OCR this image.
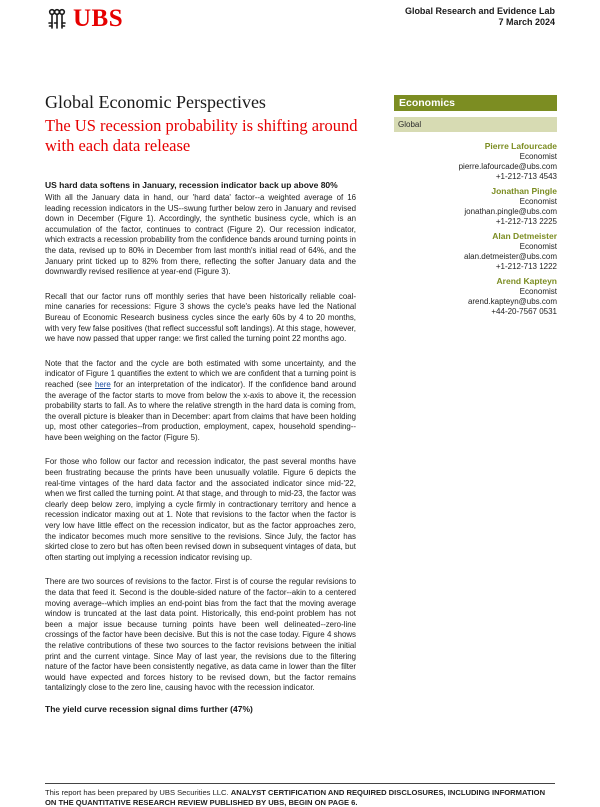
UBS	Global Research and Evidence Lab
7 March 2024
Global Economic Perspectives
The US recession probability is shifting around with each data release
Economics
Global
Pierre Lafourcade
Economist
pierre.lafourcade@ubs.com
+1-212-713 4543
Jonathan Pingle
Economist
jonathan.pingle@ubs.com
+1-212-713 2225
Alan Detmeister
Economist
alan.detmeister@ubs.com
+1-212-713 1222
Arend Kapteyn
Economist
arend.kapteyn@ubs.com
+44-20-7567 0531
US hard data softens in January, recession indicator back up above 80%

With all the January data in hand, our 'hard data' factor--a weighted average of 16 leading recession indicators in the US--swung further below zero in January and revised down in December (Figure 1). Accordingly, the synthetic business cycle, which is an accumulation of the factor, continues to contract (Figure 2). Our recession indicator, which extracts a recession probability from the confidence bands around turning points in the data, revised up to 80% in December from last month's initial read of 64%, and the January print ticked up to 82% from there, reflecting the softer January data and the downwardly revised resilience at year-end (Figure 3).

Recall that our factor runs off monthly series that have been historically reliable coal-mine canaries for recessions: Figure 3 shows the cycle's peaks have led the National Bureau of Economic Research business cycles since the early 60s by 4 to 20 months, with very few false positives (that reflect successful soft landings). At this stage, however, we have now passed that upper range: we first called the turning point 22 months ago.

Note that the factor and the cycle are both estimated with some uncertainty, and the indicator of Figure 1 quantifies the extent to which we are confident that a turning point is reached (see here for an interpretation of the indicator). If the confidence band around the average of the factor starts to move from below the x-axis to above it, the recession probability starts to fall. As to where the relative strength in the hard data is coming from, the overall picture is bleaker than in December: apart from claims that have been holding up, most other categories--from production, employment, capex, household spending--have been weighing on the factor (Figure 5).

For those who follow our factor and recession indicator, the past several months have been frustrating because the prints have been unusually volatile. Figure 6 depicts the real-time vintages of the hard data factor and the associated indicator since mid-'22, when we first called the turning point. At that stage, and through to mid-23, the factor was clearly deep below zero, implying a cycle firmly in contractionary territory and hence a recession indicator maxing out at 1. Note that revisions to the factor when the factor is very low have little effect on the recession indicator, but as the factor approaches zero, the indicator becomes much more sensitive to the revisions. Since July, the factor has skirted close to zero but has often been revised down in subsequent vintages of data, but often starting out implying a recession indicator revising up.

There are two sources of revisions to the factor. First is of course the regular revisions to the data that feed it. Second is the double-sided nature of the factor--akin to a centered moving average--which implies an end-point bias from the fact that the moving average window is truncated at the last data point. Historically, this end-point problem has not been a major issue because turning points have been well delineated--zero-line crossings of the factor have been decisive. But this is not the case today. Figure 4 shows the relative contributions of these two sources to the factor revisions between the initial print and the current vintage. Since May of last year, the revisions due to the filtering nature of the factor have been consistently negative, as data came in lower than the filter would have expected and forces history to be revised down, but the factor remains tantalizingly close to the zero line, causing havoc with the recession indicator.

The yield curve recession signal dims further (47%)
This report has been prepared by UBS Securities LLC. ANALYST CERTIFICATION AND REQUIRED DISCLOSURES, INCLUDING INFORMATION ON THE QUANTITATIVE RESEARCH REVIEW PUBLISHED BY UBS, BEGIN ON PAGE 6.
